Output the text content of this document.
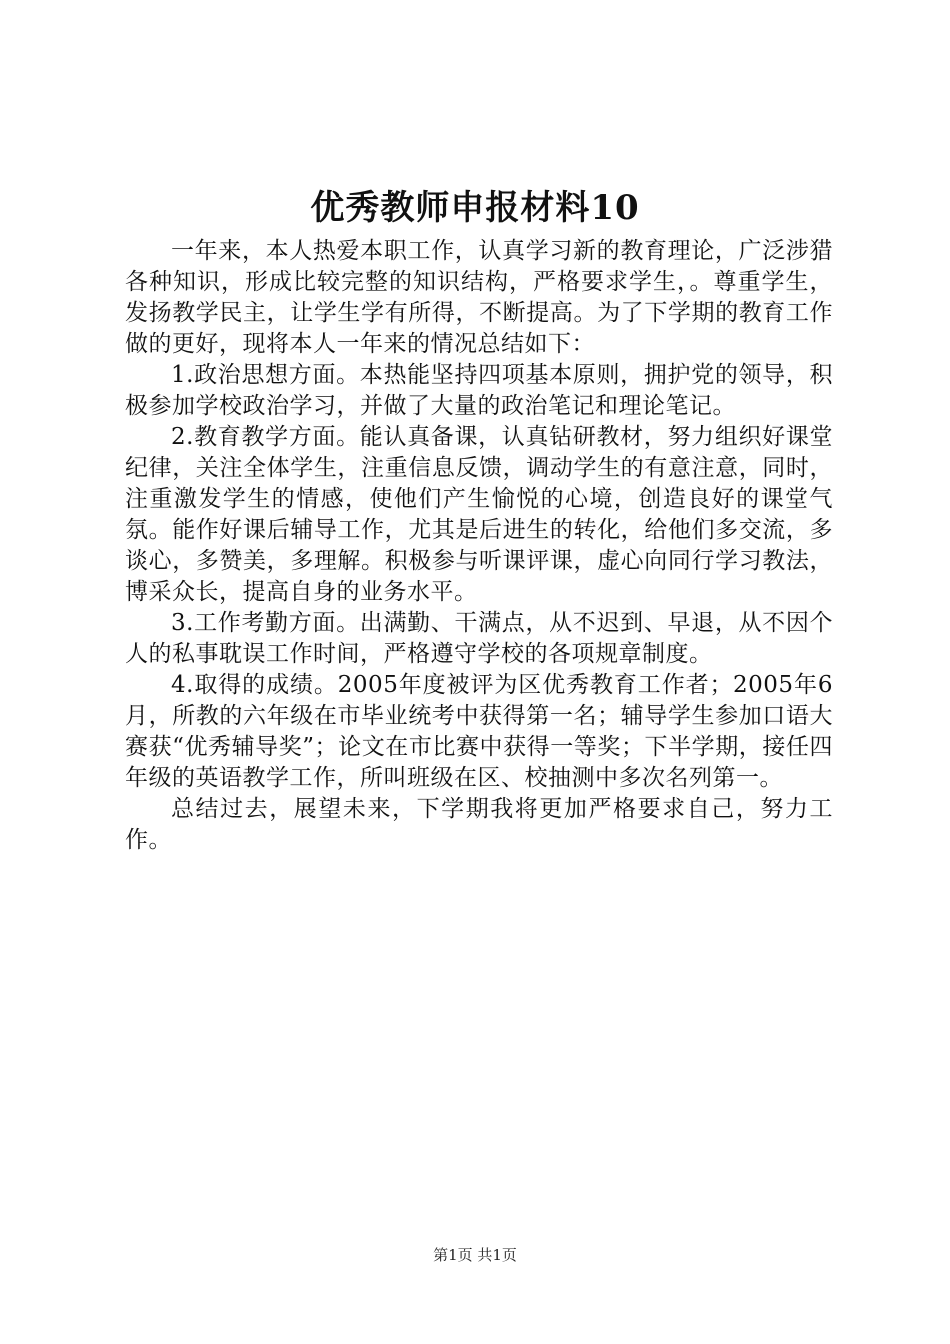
优秀教师申报材料10

一年来，本人热爱本职工作，认真学习新的教育理论，广泛涉猎各种知识，形成比较完整的知识结构，严格要求学生，。尊重学生，发扬教学民主，让学生学有所得，不断提高。为了下学期的教育工作做的更好，现将本人一年来的情况总结如下：

1.政治思想方面。本热能坚持四项基本原则，拥护党的领导，积极参加学校政治学习，并做了大量的政治笔记和理论笔记。

2.教育教学方面。能认真备课，认真钻研教材，努力组织好课堂纪律，关注全体学生，注重信息反馈，调动学生的有意注意，同时，注重激发学生的情感，使他们产生愉悦的心境，创造良好的课堂气氛。能作好课后辅导工作，尤其是后进生的转化，给他们多交流，多谈心，多赞美，多理解。积极参与听课评课，虚心向同行学习教法，博采众长，提高自身的业务水平。

3.工作考勤方面。出满勤、干满点，从不迟到、早退，从不因个人的私事耽误工作时间，严格遵守学校的各项规章制度。

4.取得的成绩。2005年度被评为区优秀教育工作者；2005年6月，所教的六年级在市毕业统考中获得第一名；辅导学生参加口语大赛获“优秀辅导奖”；论文在市比赛中获得一等奖；下半学期，接任四年级的英语教学工作，所叫班级在区、校抽测中多次名列第一。

总结过去，展望未来，下学期我将更加严格要求自己，努力工作。

第1页 共1页
